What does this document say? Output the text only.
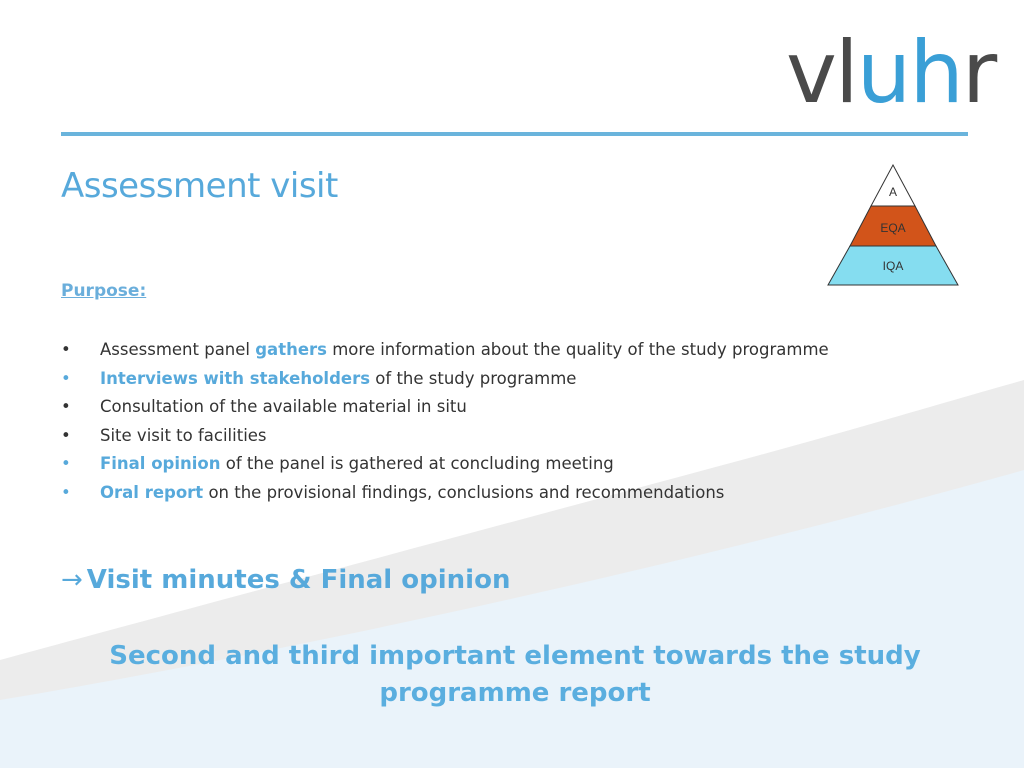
vluhr
Assessment visit	A
EQA
IQA
Purpose:
• Assessment panel gathers more information about the quality of the study programme
• Interviews with stakeholders of the study programme
• Consultation of the available material in situ
• Site visit to facilities
• Final opinion of the panel is gathered at concluding meeting
• Oral report on the provisional findings, conclusions and recommendations
→ Visit minutes & Final opinion
Second and third important element towards the study
programme report
